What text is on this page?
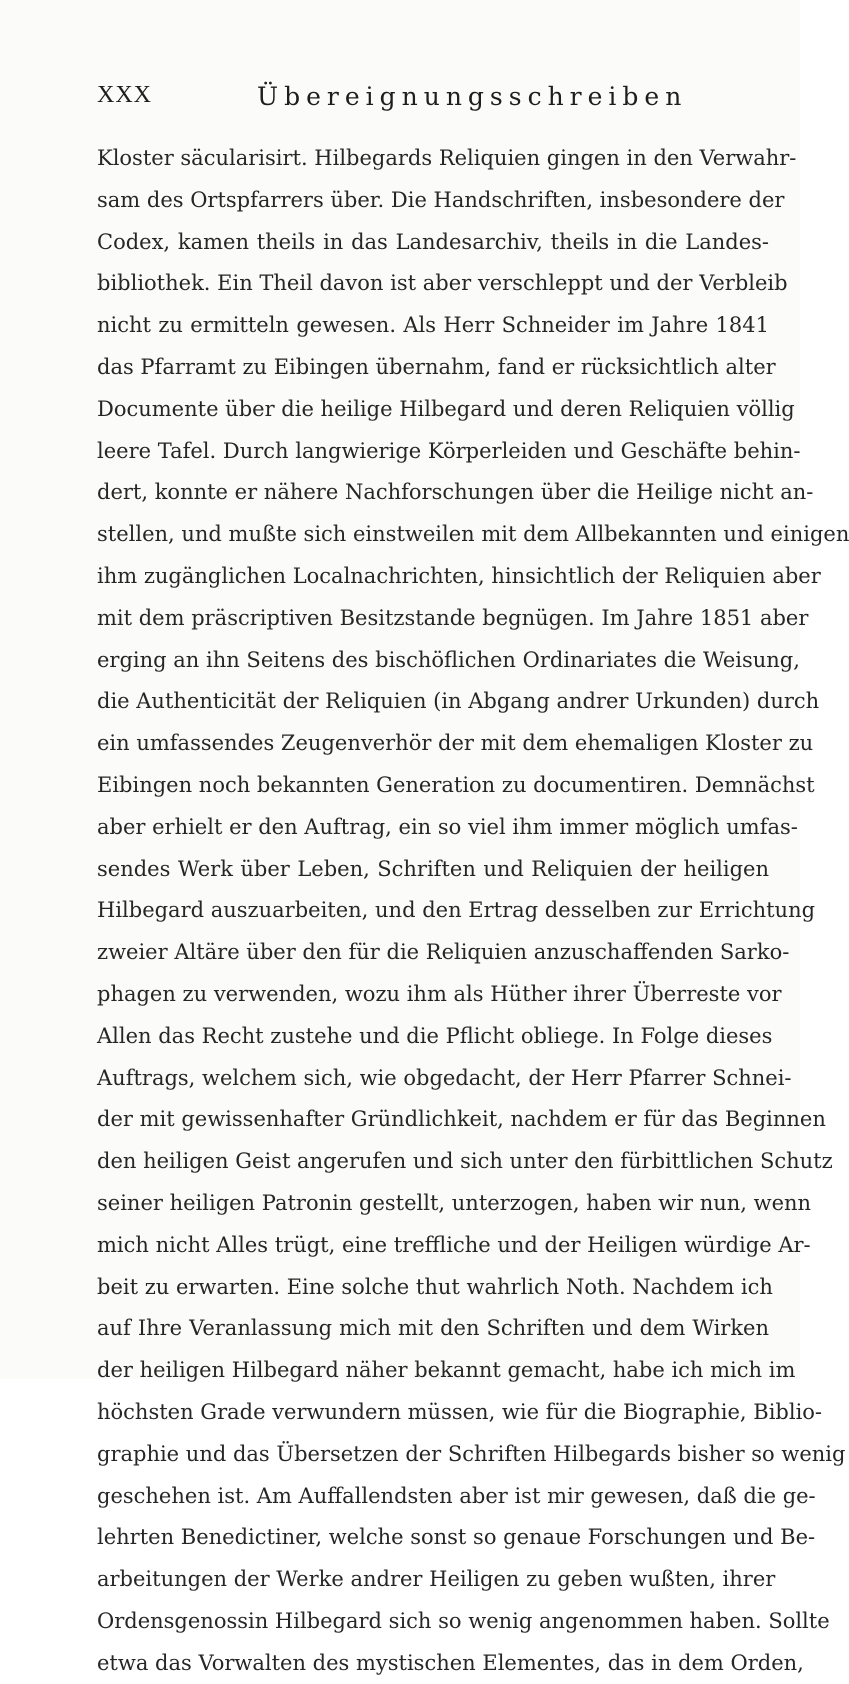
XXX	Übereignungsschreiben
Kloster säcularisirt. Hilbegards Reliquien gingen in den Verwahr-
sam des Ortspfarrers über. Die Handschriften, insbesondere der
Codex, kamen theils in das Landesarchiv, theils in die Landes-
bibliothek. Ein Theil davon ist aber verschleppt und der Verbleib
nicht zu ermitteln gewesen. Als Herr Schneider im Jahre 1841
das Pfarramt zu Eibingen übernahm, fand er rücksichtlich alter
Documente über die heilige Hilbegard und deren Reliquien völlig
leere Tafel. Durch langwierige Körperleiden und Geschäfte behin-
dert, konnte er nähere Nachforschungen über die Heilige nicht an-
stellen, und mußte sich einstweilen mit dem Allbekannten und einigen
ihm zugänglichen Localnachrichten, hinsichtlich der Reliquien aber
mit dem präscriptiven Besitzstande begnügen. Im Jahre 1851 aber
erging an ihn Seitens des bischöflichen Ordinariates die Weisung,
die Authenticität der Reliquien (in Abgang andrer Urkunden) durch
ein umfassendes Zeugenverhör der mit dem ehemaligen Kloster zu
Eibingen noch bekannten Generation zu documentiren. Demnächst
aber erhielt er den Auftrag, ein so viel ihm immer möglich umfas-
sendes Werk über Leben, Schriften und Reliquien der heiligen
Hilbegard auszuarbeiten, und den Ertrag desselben zur Errichtung
zweier Altäre über den für die Reliquien anzuschaffenden Sarko-
phagen zu verwenden, wozu ihm als Hüther ihrer Überreste vor
Allen das Recht zustehe und die Pflicht obliege. In Folge dieses
Auftrags, welchem sich, wie obgedacht, der Herr Pfarrer Schnei-
der mit gewissenhafter Gründlichkeit, nachdem er für das Beginnen
den heiligen Geist angerufen und sich unter den fürbittlichen Schutz
seiner heiligen Patronin gestellt, unterzogen, haben wir nun, wenn
mich nicht Alles trügt, eine treffliche und der Heiligen würdige Ar-
beit zu erwarten. Eine solche thut wahrlich Noth. Nachdem ich
auf Ihre Veranlassung mich mit den Schriften und dem Wirken
der heiligen Hilbegard näher bekannt gemacht, habe ich mich im
höchsten Grade verwundern müssen, wie für die Biographie, Biblio-
graphie und das Übersetzen der Schriften Hilbegards bisher so wenig
geschehen ist. Am Auffallendsten aber ist mir gewesen, daß die ge-
lehrten Benedictiner, welche sonst so genaue Forschungen und Be-
arbeitungen der Werke andrer Heiligen zu geben wußten, ihrer
Ordensgenossin Hilbegard sich so wenig angenommen haben. Sollte
etwa das Vorwalten des mystischen Elementes, das in dem Orden,
